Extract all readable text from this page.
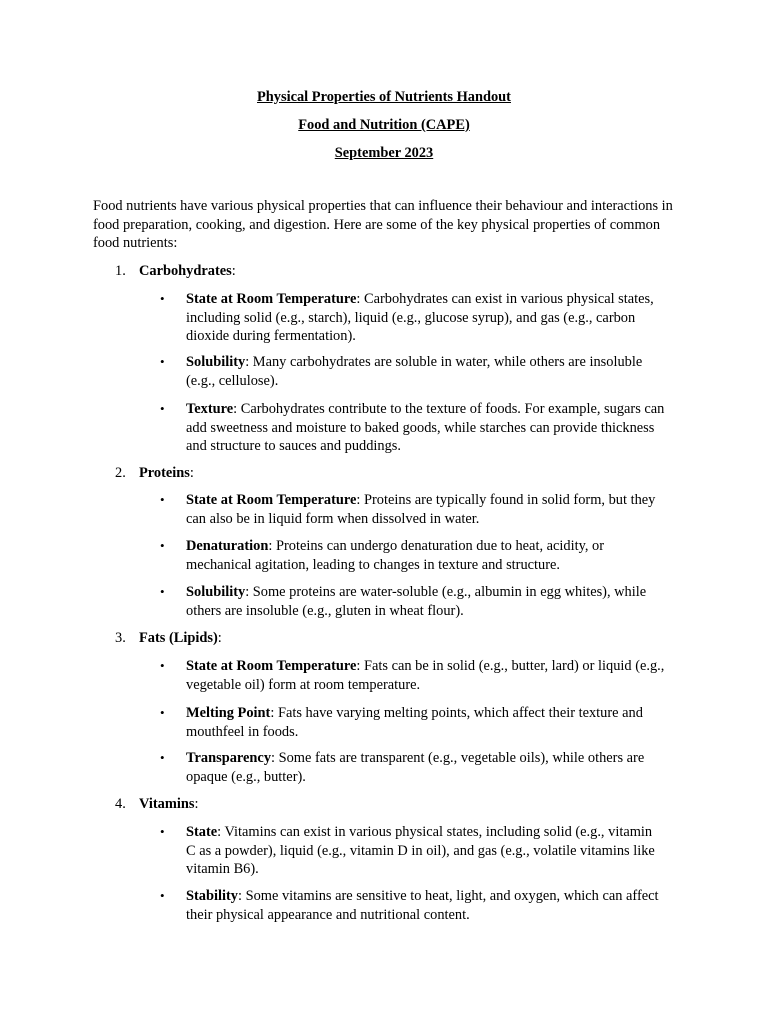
Physical Properties of Nutrients Handout
Food and Nutrition (CAPE)
September 2023

Food nutrients have various physical properties that can influence their behaviour and interactions in food preparation, cooking, and digestion. Here are some of the key physical properties of common food nutrients:

1. Carbohydrates:

• State at Room Temperature: Carbohydrates can exist in various physical states, including solid (e.g., starch), liquid (e.g., glucose syrup), and gas (e.g., carbon dioxide during fermentation).

• Solubility: Many carbohydrates are soluble in water, while others are insoluble (e.g., cellulose).

• Texture: Carbohydrates contribute to the texture of foods. For example, sugars can add sweetness and moisture to baked goods, while starches can provide thickness and structure to sauces and puddings.

2. Proteins:

• State at Room Temperature: Proteins are typically found in solid form, but they can also be in liquid form when dissolved in water.

• Denaturation: Proteins can undergo denaturation due to heat, acidity, or mechanical agitation, leading to changes in texture and structure.

• Solubility: Some proteins are water-soluble (e.g., albumin in egg whites), while others are insoluble (e.g., gluten in wheat flour).

3. Fats (Lipids):

• State at Room Temperature: Fats can be in solid (e.g., butter, lard) or liquid (e.g., vegetable oil) form at room temperature.

• Melting Point: Fats have varying melting points, which affect their texture and mouthfeel in foods.

• Transparency: Some fats are transparent (e.g., vegetable oils), while others are opaque (e.g., butter).

4. Vitamins:

• State: Vitamins can exist in various physical states, including solid (e.g., vitamin C as a powder), liquid (e.g., vitamin D in oil), and gas (e.g., volatile vitamins like vitamin B6).

• Stability: Some vitamins are sensitive to heat, light, and oxygen, which can affect their physical appearance and nutritional content.
